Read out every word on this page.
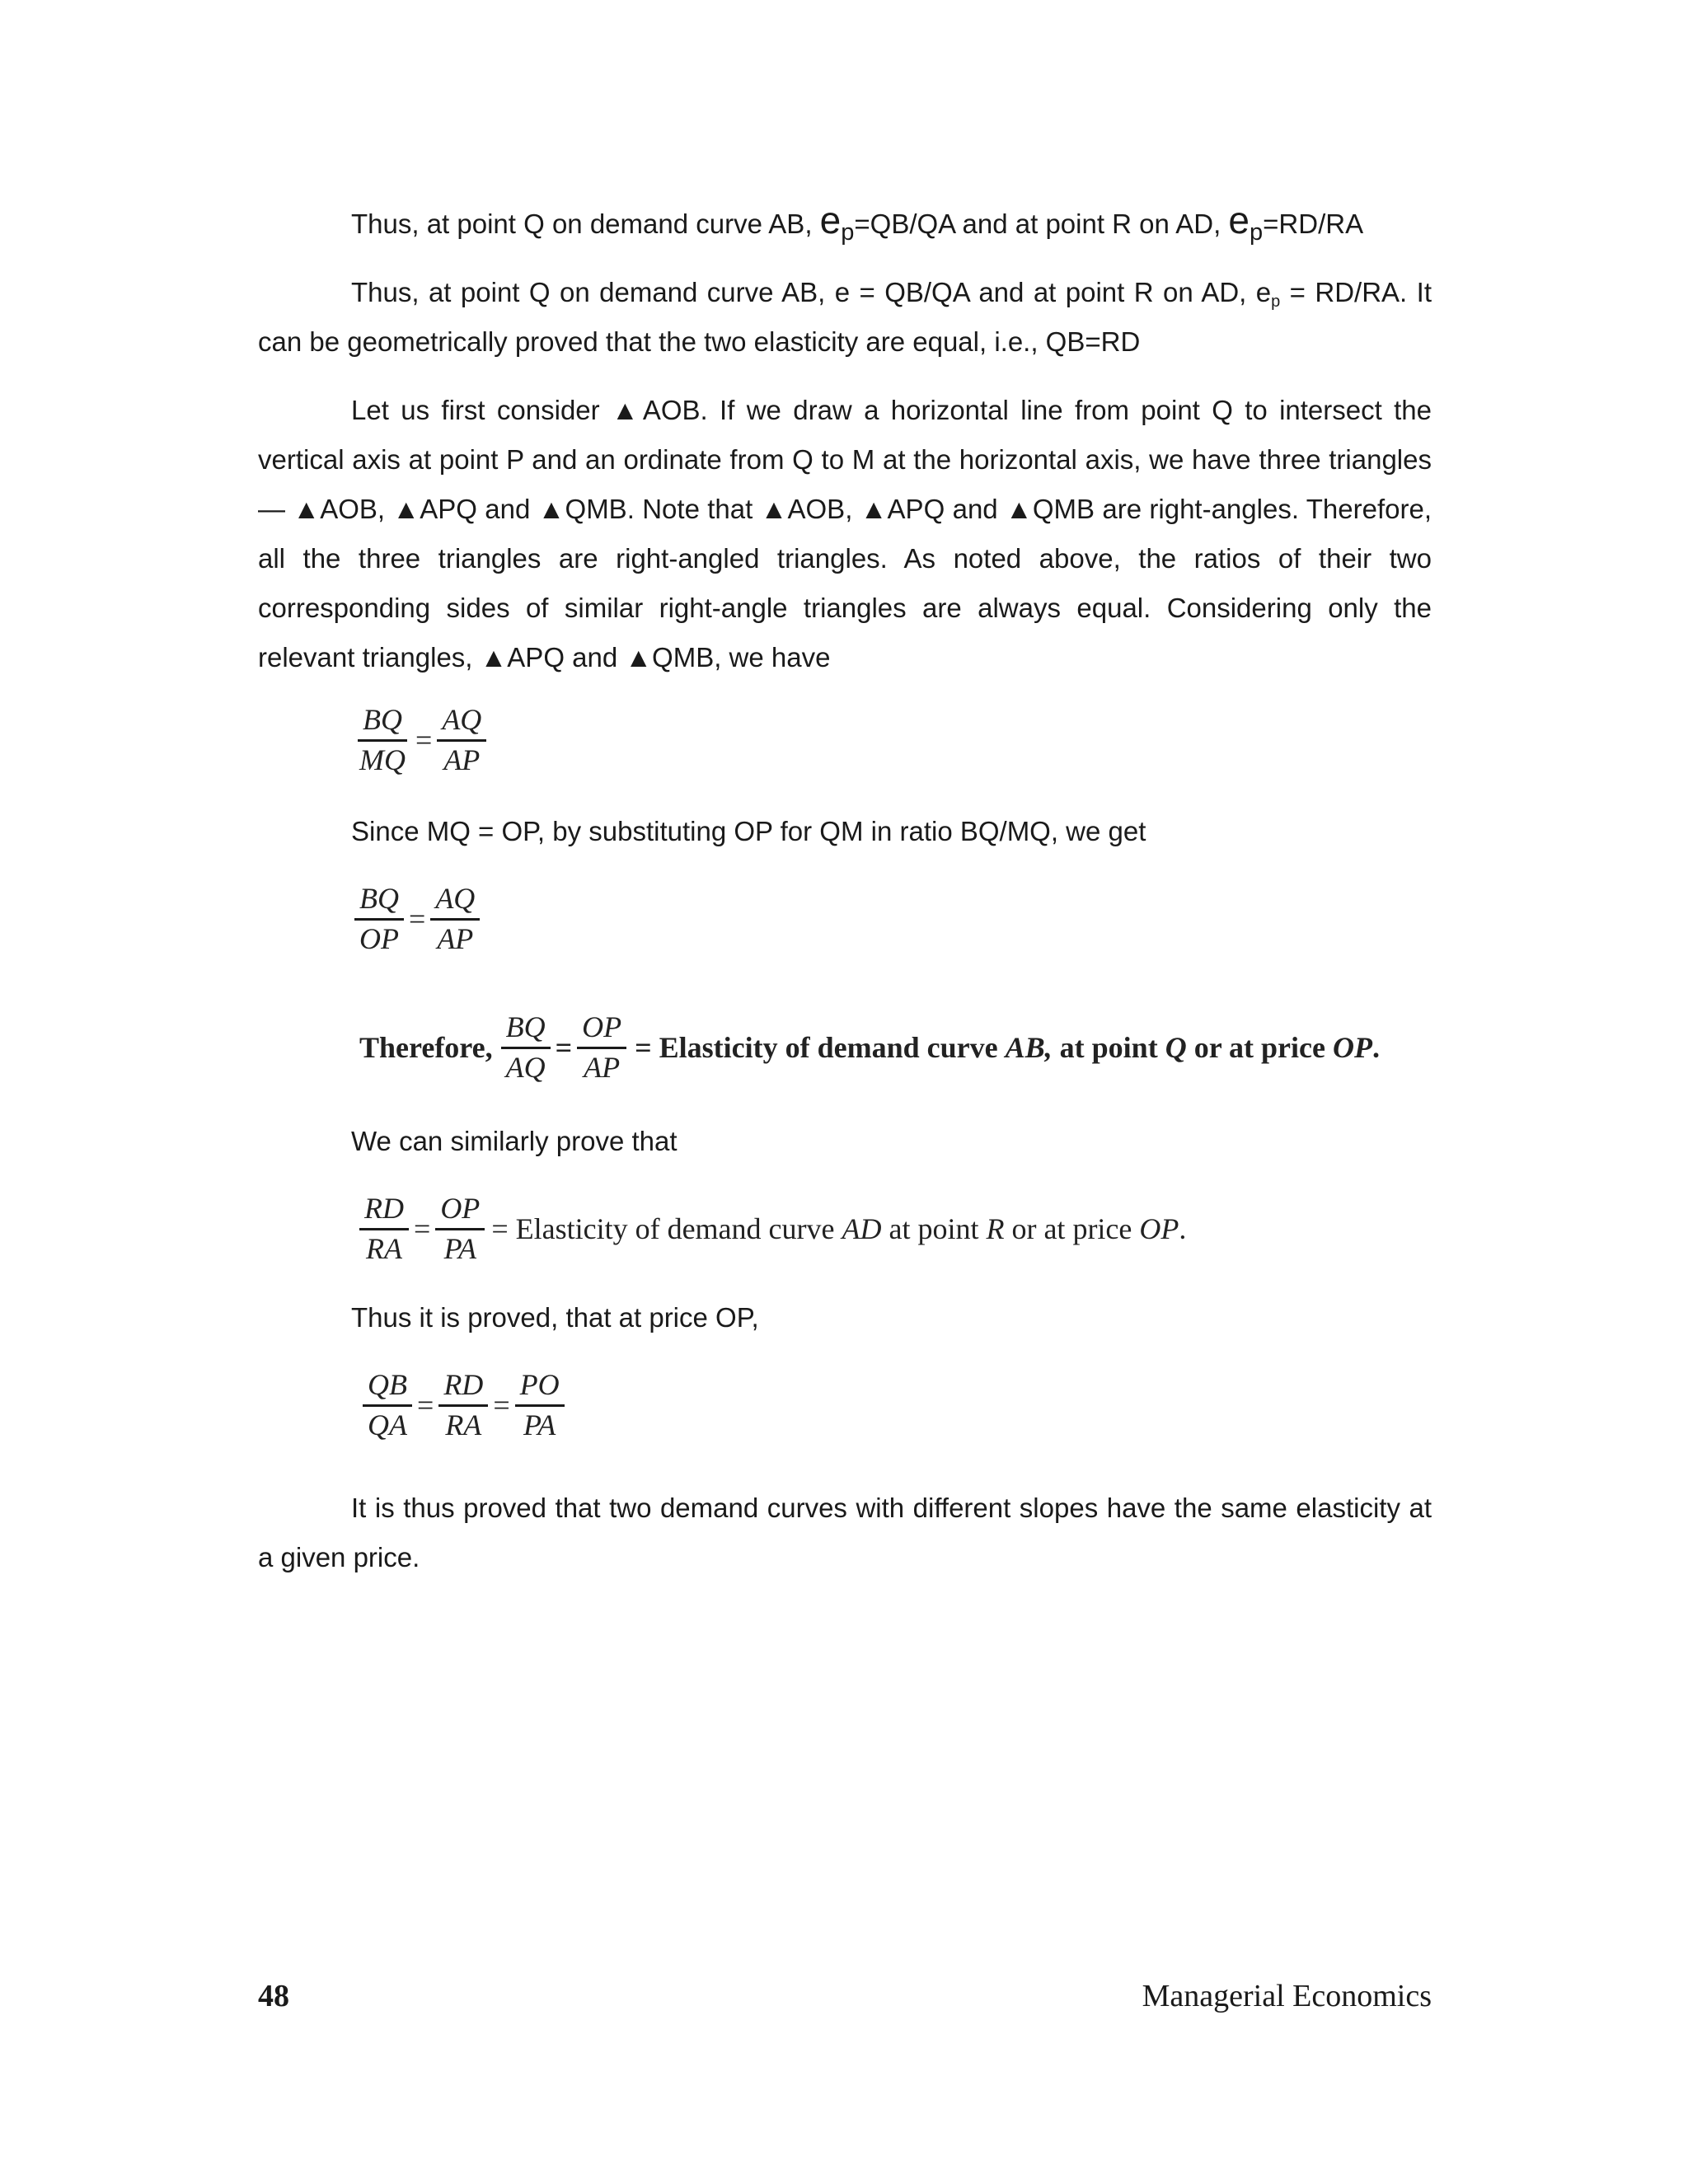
Thus, at point Q on demand curve AB, $e_p=QB/QA$ and at point R on AD, $e_p=RD/RA$

Thus, at point Q on demand curve AB, e = QB/QA and at point R on AD, $e_p = RD/RA$. It can be geometrically proved that the two elasticity are equal, i.e., QB=RD

Let us first consider ▲AOB. If we draw a horizontal line from point Q to intersect the vertical axis at point P and an ordinate from Q to M at the horizontal axis, we have three triangles— ▲AOB, ▲APQ and ▲QMB. Note that ▲AOB, ▲APQ and ▲QMB are right-angles. Therefore, all the three triangles are right-angled triangles. As noted above, the ratios of their two corresponding sides of similar right-angle triangles are always equal. Considering only the relevant triangles, ▲APQ and ▲QMB, we have

$\frac{BQ}{MQ} = \frac{AQ}{AP}$
Since MQ = OP, by substituting OP for QM in ratio BQ/MQ, we get
$\frac{BQ}{OP} = \frac{AQ}{AP}$
Therefore, $\frac{BQ}{AQ} = \frac{OP}{AP}$ = Elasticity of demand curve AB, at point Q or at price OP .
We can similarly prove that
$\frac{RD}{RA} = \frac{OP}{PA}$ = Elasticity of demand curve AD at point R or at price OP .
Thus it is proved, that at price OP,
$\frac{QB}{QA} = \frac{RD}{RA} = \frac{PO}{PA}$

It is thus proved that two demand curves with different slopes have the same elasticity at a given price.

48	Managerial Economics
